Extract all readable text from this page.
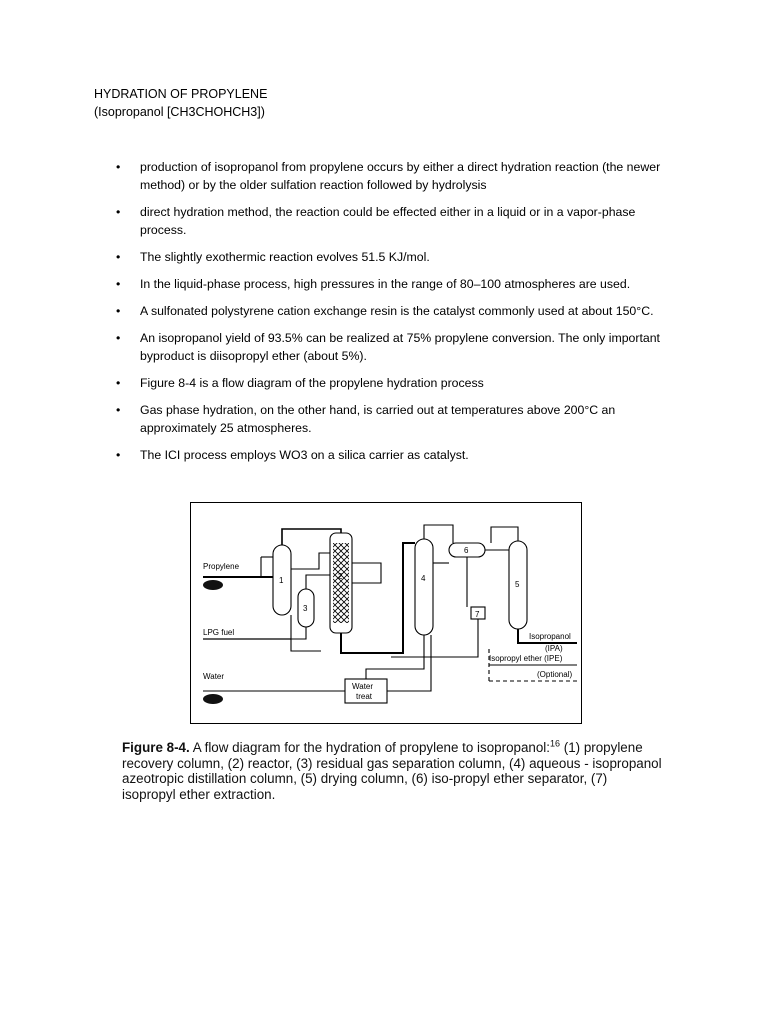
HYDRATION OF PROPYLENE
(Isopropanol [CH3CHOHCH3])
• production of isopropanol from propylene occurs by either a direct hydration reaction (the newer method) or by the older sulfation reaction followed by hydrolysis
• direct hydration method, the reaction could be effected either in a liquid or in a vapor-phase process.
• The slightly exothermic reaction evolves 51.5 KJ/mol.
• In the liquid-phase process, high pressures in the range of 80–100 atmospheres are used.
• A sulfonated polystyrene cation exchange resin is the catalyst commonly used at about 150°C.
• An isopropanol yield of 93.5% can be realized at 75% propylene conversion. The only important byproduct is diisopropyl ether (about 5%).
• Figure 8-4 is a flow diagram of the propylene hydration process
• Gas phase hydration, on the other hand, is carried out at temperatures above 200°C an approximately 25 atmospheres.
• The ICI process employs WO3 on a silica carrier as catalyst.
Propylene
LPG fuel
Water
Water
treat
Isopropanol
(IPA)
Isopropyl ether (IPE)
(Optional)
1	2
3
4
5
6
7
Figure 8-4. A flow diagram for the hydration of propylene to isopropanol:$^{16}$ (1) propylene recovery column, (2) reactor, (3) residual gas separation column, (4) aqueous - isopropanol azeotropic distillation column, (5) drying column, (6) iso-propyl ether separator, (7) isopropyl ether extraction.
